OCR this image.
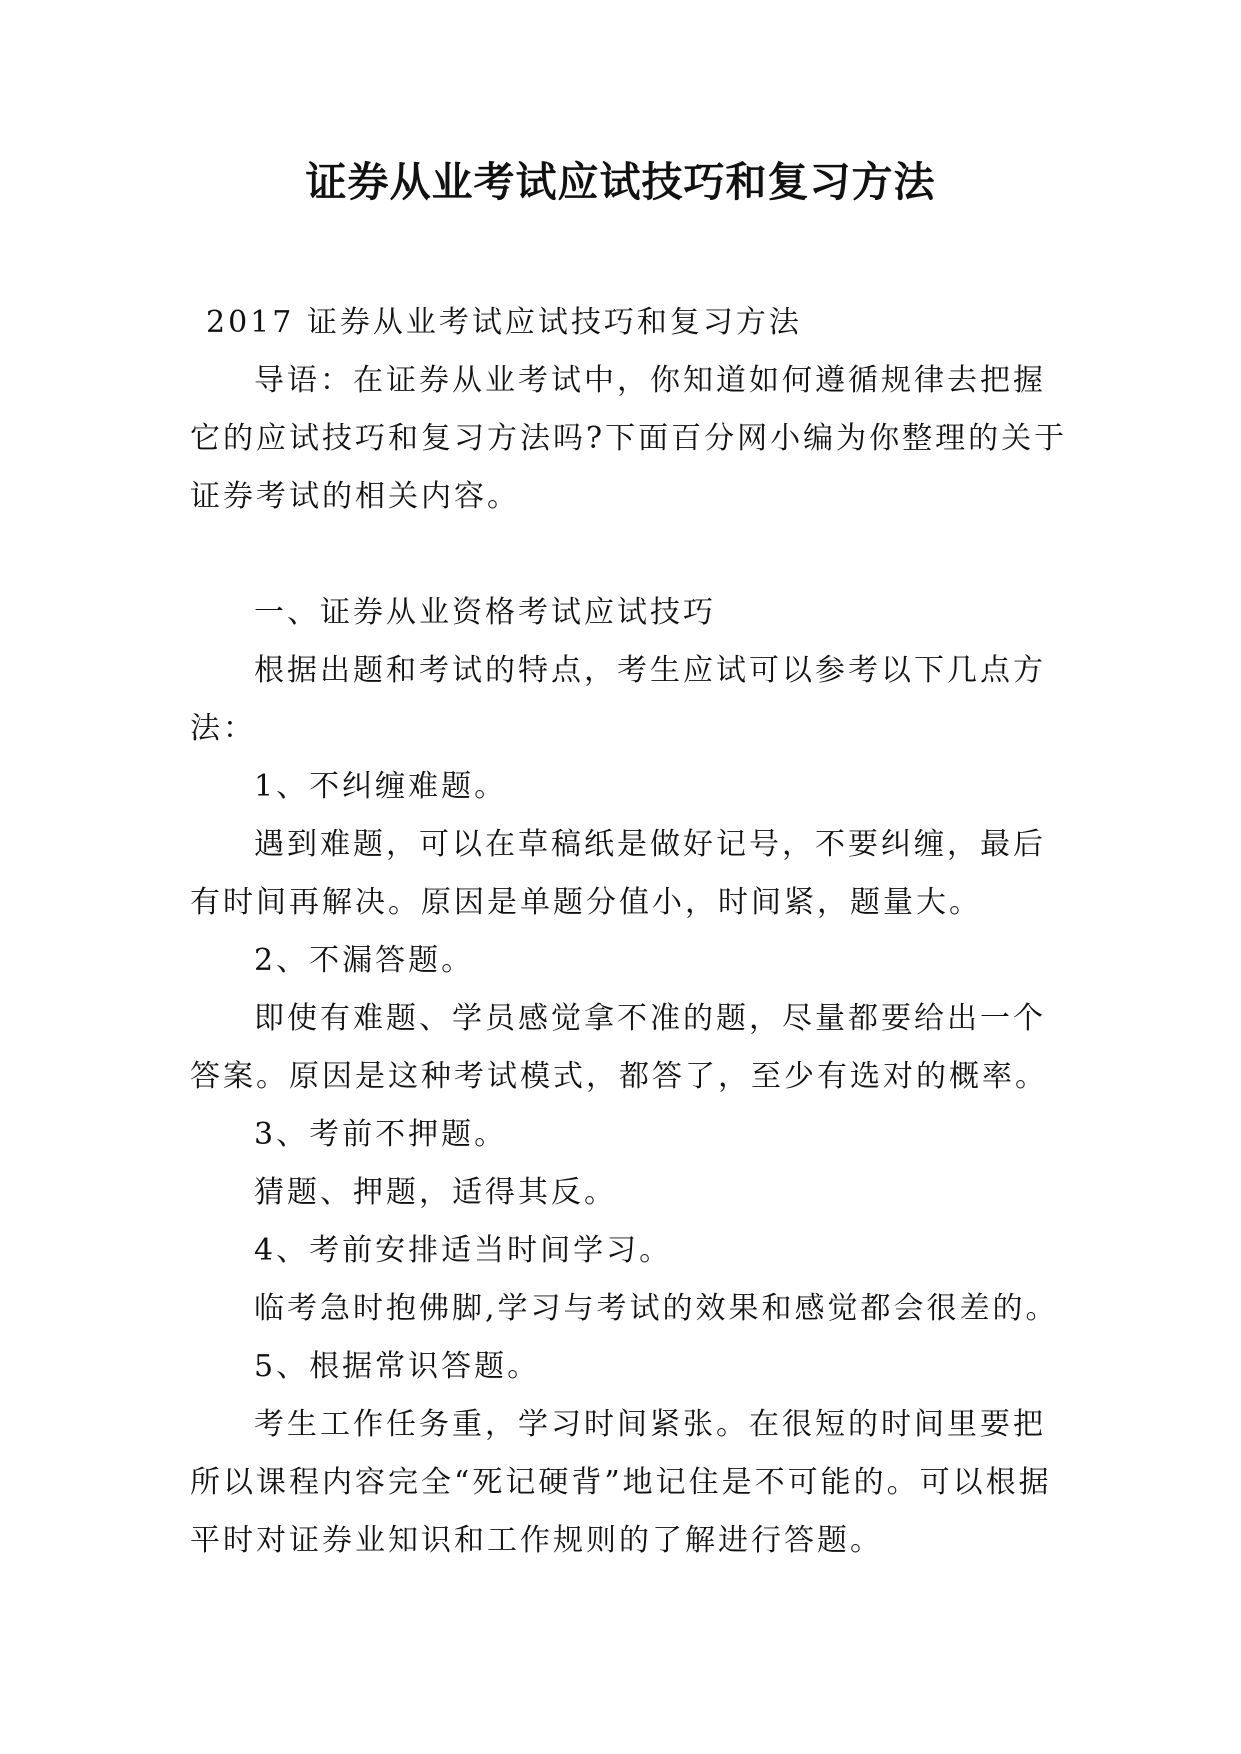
证券从业考试应试技巧和复习方法

2017 证券从业考试应试技巧和复习方法

导语：在证券从业考试中，你知道如何遵循规律去把握它的应试技巧和复习方法吗?下面百分网小编为你整理的关于证券考试的相关内容。

一、证券从业资格考试应试技巧

根据出题和考试的特点，考生应试可以参考以下几点方法：

1、不纠缠难题。

遇到难题，可以在草稿纸是做好记号，不要纠缠，最后有时间再解决。原因是单题分值小，时间紧，题量大。

2、不漏答题。

即使有难题、学员感觉拿不准的题，尽量都要给出一个答案。原因是这种考试模式，都答了，至少有选对的概率。

3、考前不押题。

猜题、押题，适得其反。

4、考前安排适当时间学习。

临考急时抱佛脚,学习与考试的效果和感觉都会很差的。

5、根据常识答题。

考生工作任务重，学习时间紧张。在很短的时间里要把所以课程内容完全“死记硬背”地记住是不可能的。可以根据平时对证券业知识和工作规则的了解进行答题。
